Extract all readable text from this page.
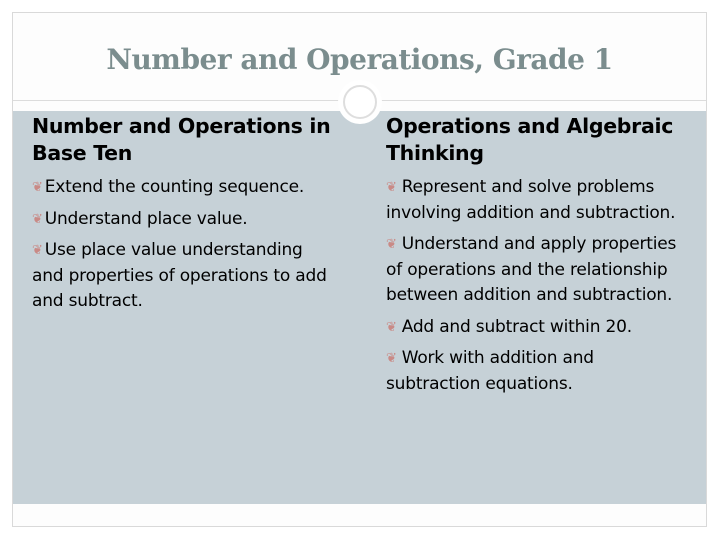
Number and Operations, Grade 1
Number and Operations in Base Ten
❦ Extend the counting sequence.
❦ Understand place value.
❦ Use place value understanding and properties of operations to add and subtract.
Operations and Algebraic Thinking
❦ Represent and solve problems involving addition and subtraction.
❦ Understand and apply properties of operations and the relationship between addition and subtraction.
❦ Add and subtract within 20.
❦ Work with addition and subtraction equations.
